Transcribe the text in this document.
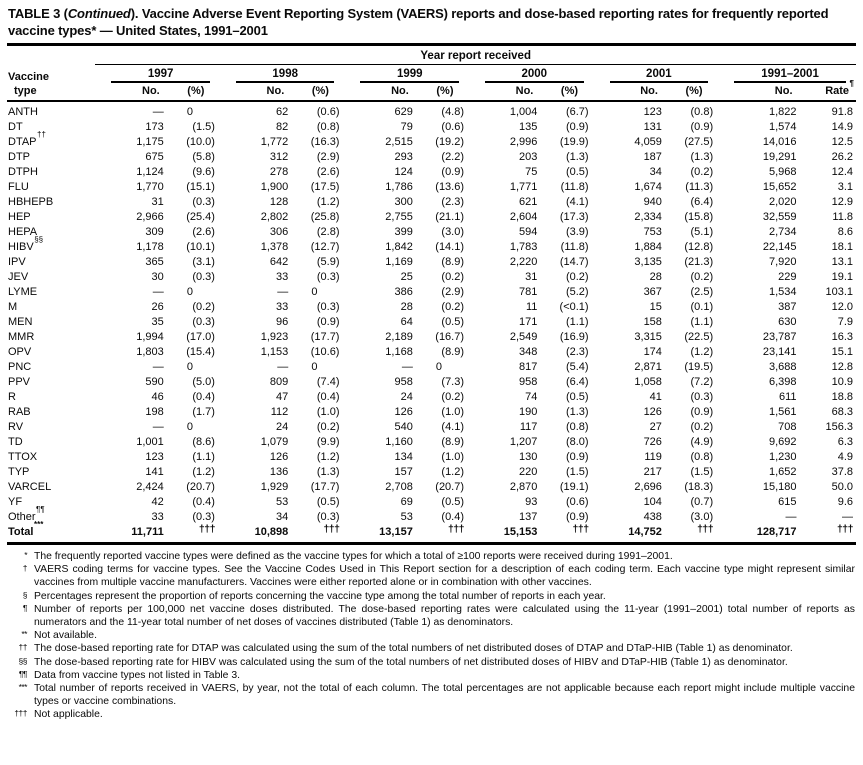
TABLE 3 (Continued). Vaccine Adverse Event Reporting System (VAERS) reports and dose-based reporting rates for frequently reported vaccine types* — United States, 1991–2001
	Year report received											
Vaccine	1997		1998		1999		2000		2001		1991–2001	

type	No.	(%)	No.	(%)	No.	(%)	No.	(%)	No.	(%)	No.	Rate¶
ANTH	—	0	62	(0.6)	629	(4.8)	1,004	(6.7)	123	(0.8)	1,822	91.8
DT	173	(1.5)	82	(0.8)	79	(0.6)	135	(0.9)	131	(0.9)	1,574	14.9
DTAP††	1,175	(10.0)	1,772	(16.3)	2,515	(19.2)	2,996	(19.9)	4,059	(27.5)	14,016	12.5
DTP	675	(5.8)	312	(2.9)	293	(2.2)	203	(1.3)	187	(1.3)	19,291	26.2
DTPH	1,124	(9.6)	278	(2.6)	124	(0.9)	75	(0.5)	34	(0.2)	5,968	12.4
FLU	1,770	(15.1)	1,900	(17.5)	1,786	(13.6)	1,771	(11.8)	1,674	(11.3)	15,652	3.1
HBHEPB	31	(0.3)	128	(1.2)	300	(2.3)	621	(4.1)	940	(6.4)	2,020	12.9
HEP	2,966	(25.4)	2,802	(25.8)	2,755	(21.1)	2,604	(17.3)	2,334	(15.8)	32,559	11.8
HEPA	309	(2.6)	306	(2.8)	399	(3.0)	594	(3.9)	753	(5.1)	2,734	8.6
HIBV§§	1,178	(10.1)	1,378	(12.7)	1,842	(14.1)	1,783	(11.8)	1,884	(12.8)	22,145	18.1
IPV	365	(3.1)	642	(5.9)	1,169	(8.9)	2,220	(14.7)	3,135	(21.3)	7,920	13.1
JEV	30	(0.3)	33	(0.3)	25	(0.2)	31	(0.2)	28	(0.2)	229	19.1
LYME	—	0	—	0	386	(2.9)	781	(5.2)	367	(2.5)	1,534	103.1
M	26	(0.2)	33	(0.3)	28	(0.2)	11	(<0.1)	15	(0.1)	387	12.0
MEN	35	(0.3)	96	(0.9)	64	(0.5)	171	(1.1)	158	(1.1)	630	7.9
MMR	1,994	(17.0)	1,923	(17.7)	2,189	(16.7)	2,549	(16.9)	3,315	(22.5)	23,787	16.3
OPV	1,803	(15.4)	1,153	(10.6)	1,168	(8.9)	348	(2.3)	174	(1.2)	23,141	15.1
PNC	—	0	—	0	—	0	817	(5.4)	2,871	(19.5)	3,688	12.8
PPV	590	(5.0)	809	(7.4)	958	(7.3)	958	(6.4)	1,058	(7.2)	6,398	10.9
R	46	(0.4)	47	(0.4)	24	(0.2)	74	(0.5)	41	(0.3)	611	18.8
RAB	198	(1.7)	112	(1.0)	126	(1.0)	190	(1.3)	126	(0.9)	1,561	68.3
RV	—	0	24	(0.2)	540	(4.1)	117	(0.8)	27	(0.2)	708	156.3
TD	1,001	(8.6)	1,079	(9.9)	1,160	(8.9)	1,207	(8.0)	726	(4.9)	9,692	6.3
TTOX	123	(1.1)	126	(1.2)	134	(1.0)	130	(0.9)	119	(0.8)	1,230	4.9
TYP	141	(1.2)	136	(1.3)	157	(1.2)	220	(1.5)	217	(1.5)	1,652	37.8
VARCEL	2,424	(20.7)	1,929	(17.7)	2,708	(20.7)	2,870	(19.1)	2,696	(18.3)	15,180	50.0
YF	42	(0.4)	53	(0.5)	69	(0.5)	93	(0.6)	104	(0.7)	615	9.6
Other¶¶	33	(0.3)	34	(0.3)	53	(0.4)	137	(0.9)	438	(3.0)	—	—
Total***	11,711	†††	10,898	†††	13,157	†††	15,153	†††	14,752	†††	128,717	†††
* The frequently reported vaccine types were defined as the vaccine types for which a total of ≥100 reports were received during 1991–2001.
† VAERS coding terms for vaccine types. See the Vaccine Codes Used in This Report section for a description of each coding term. Each vaccine type might represent similar vaccines from multiple vaccine manufacturers. Vaccines were either reported alone or in combination with other vaccines.
§ Percentages represent the proportion of reports concerning the vaccine type among the total number of reports in each year.
¶ Number of reports per 100,000 net vaccine doses distributed. The dose-based reporting rates were calculated using the 11-year (1991–2001) total number of reports as numerators and the 11-year total number of net doses of vaccines distributed (Table 1) as denominators.
** Not available.
†† The dose-based reporting rate for DTAP was calculated using the sum of the total numbers of net distributed doses of DTAP and DTaP-HIB (Table 1) as denominator.
§§ The dose-based reporting rate for HIBV was calculated using the sum of the total numbers of net distributed doses of HIBV and DTaP-HIB (Table 1) as denominator.
¶¶ Data from vaccine types not listed in Table 3.
*** Total number of reports received in VAERS, by year, not the total of each column. The total percentages are not applicable because each report might include multiple vaccine types or vaccine combinations.
††† Not applicable.
